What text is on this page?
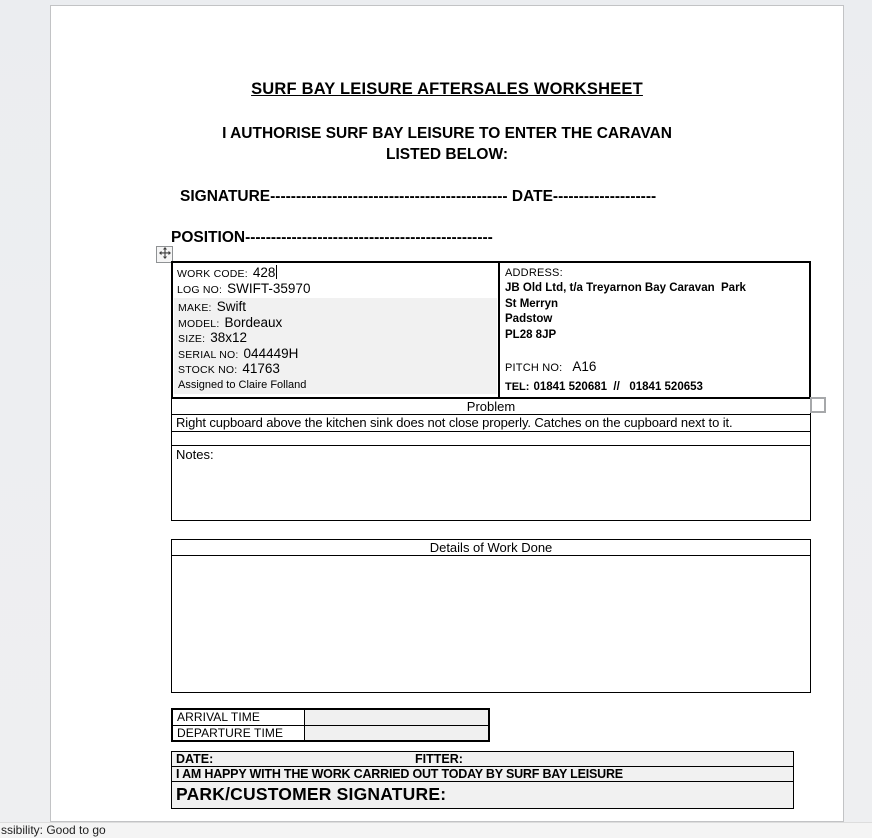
SURF BAY LEISURE AFTERSALES WORKSHEET
I AUTHORISE SURF BAY LEISURE TO ENTER THE CARAVAN
LISTED BELOW:
SIGNATURE---------------------------------------------- DATE--------------------
POSITION------------------------------------------------
WORK CODE: 428
LOG NO: SWIFT-35970
MAKE: Swift
MODEL: Bordeaux
SIZE: 38x12
SERIAL NO: 044449H
STOCK NO: 41763
Assigned to Claire Folland
ADDRESS:
JB Old Ltd, t/a Treyarnon Bay Caravan  Park
St Merryn
Padstow
PL28 8JP
PITCH NO: A16
TEL: 01841 520681  //   01841 520653
Problem
Right cupboard above the kitchen sink does not close properly. Catches on the cupboard next to it.
Notes:
Details of Work Done
ARRIVAL TIME
DEPARTURE TIME
DATE:	FITTER:
I AM HAPPY WITH THE WORK CARRIED OUT TODAY BY SURF BAY LEISURE
PARK/CUSTOMER SIGNATURE:
ssibility: Good to go
